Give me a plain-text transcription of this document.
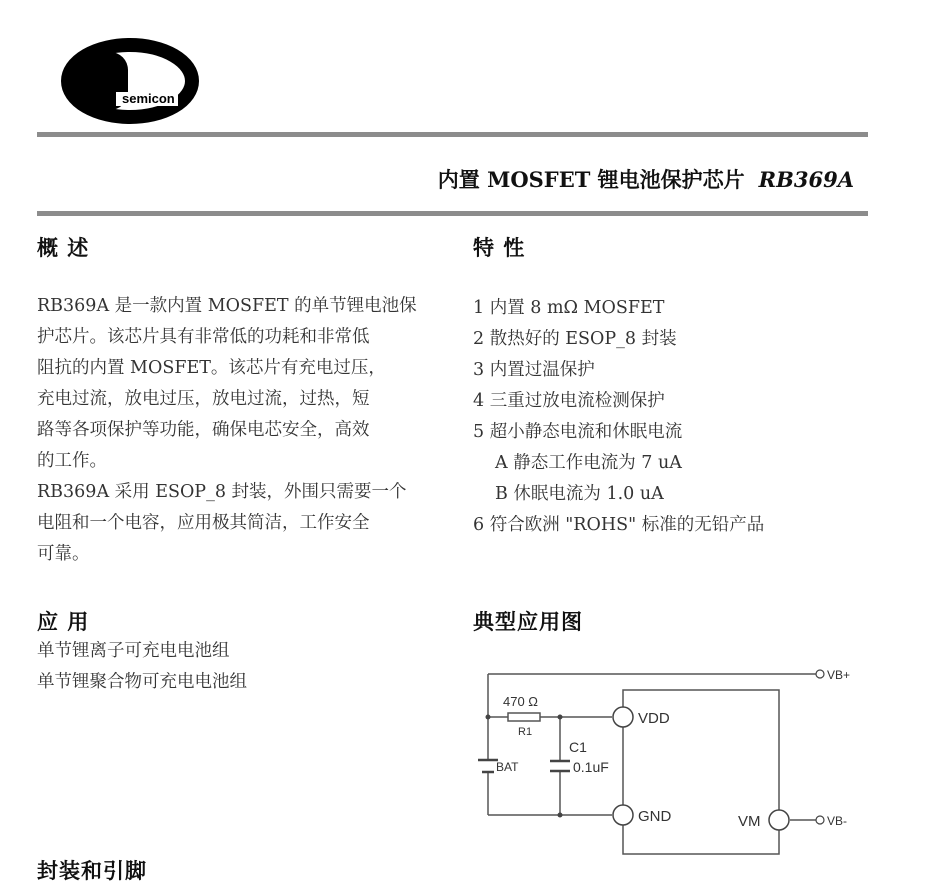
semicon
内置 MOSFET 锂电池保护芯片 RB369A
概 述

RB369A 是一款内置 MOSFET 的单节锂电池保

护芯片。该芯片具有非常低的功耗和非常低

阻抗的内置 MOSFET。该芯片有充电过压，

充电过流，放电过压，放电过流，过热，短

路等各项保护等功能，确保电芯安全，高效

的工作。

RB369A 采用 ESOP_8 封装，外围只需要一个

电阻和一个电容，应用极其简洁，工作安全

可靠。

特 性
1 内置 8 mΩ MOSFET
2 散热好的 ESOP_8 封装
3 内置过温保护
4 三重过放电流检测保护
5 超小静态电流和休眠电流
A 静态工作电流为 7 uA
B 休眠电流为 1.0 uA
6 符合欧洲 "ROHS" 标准的无铅产品
应 用
单节锂离子可充电电池组
单节锂聚合物可充电电池组
典型应用图
VB+
VB-
470 Ω
R1
C1
0.1uF
BAT
VDD
GND	VM
封装和引脚
